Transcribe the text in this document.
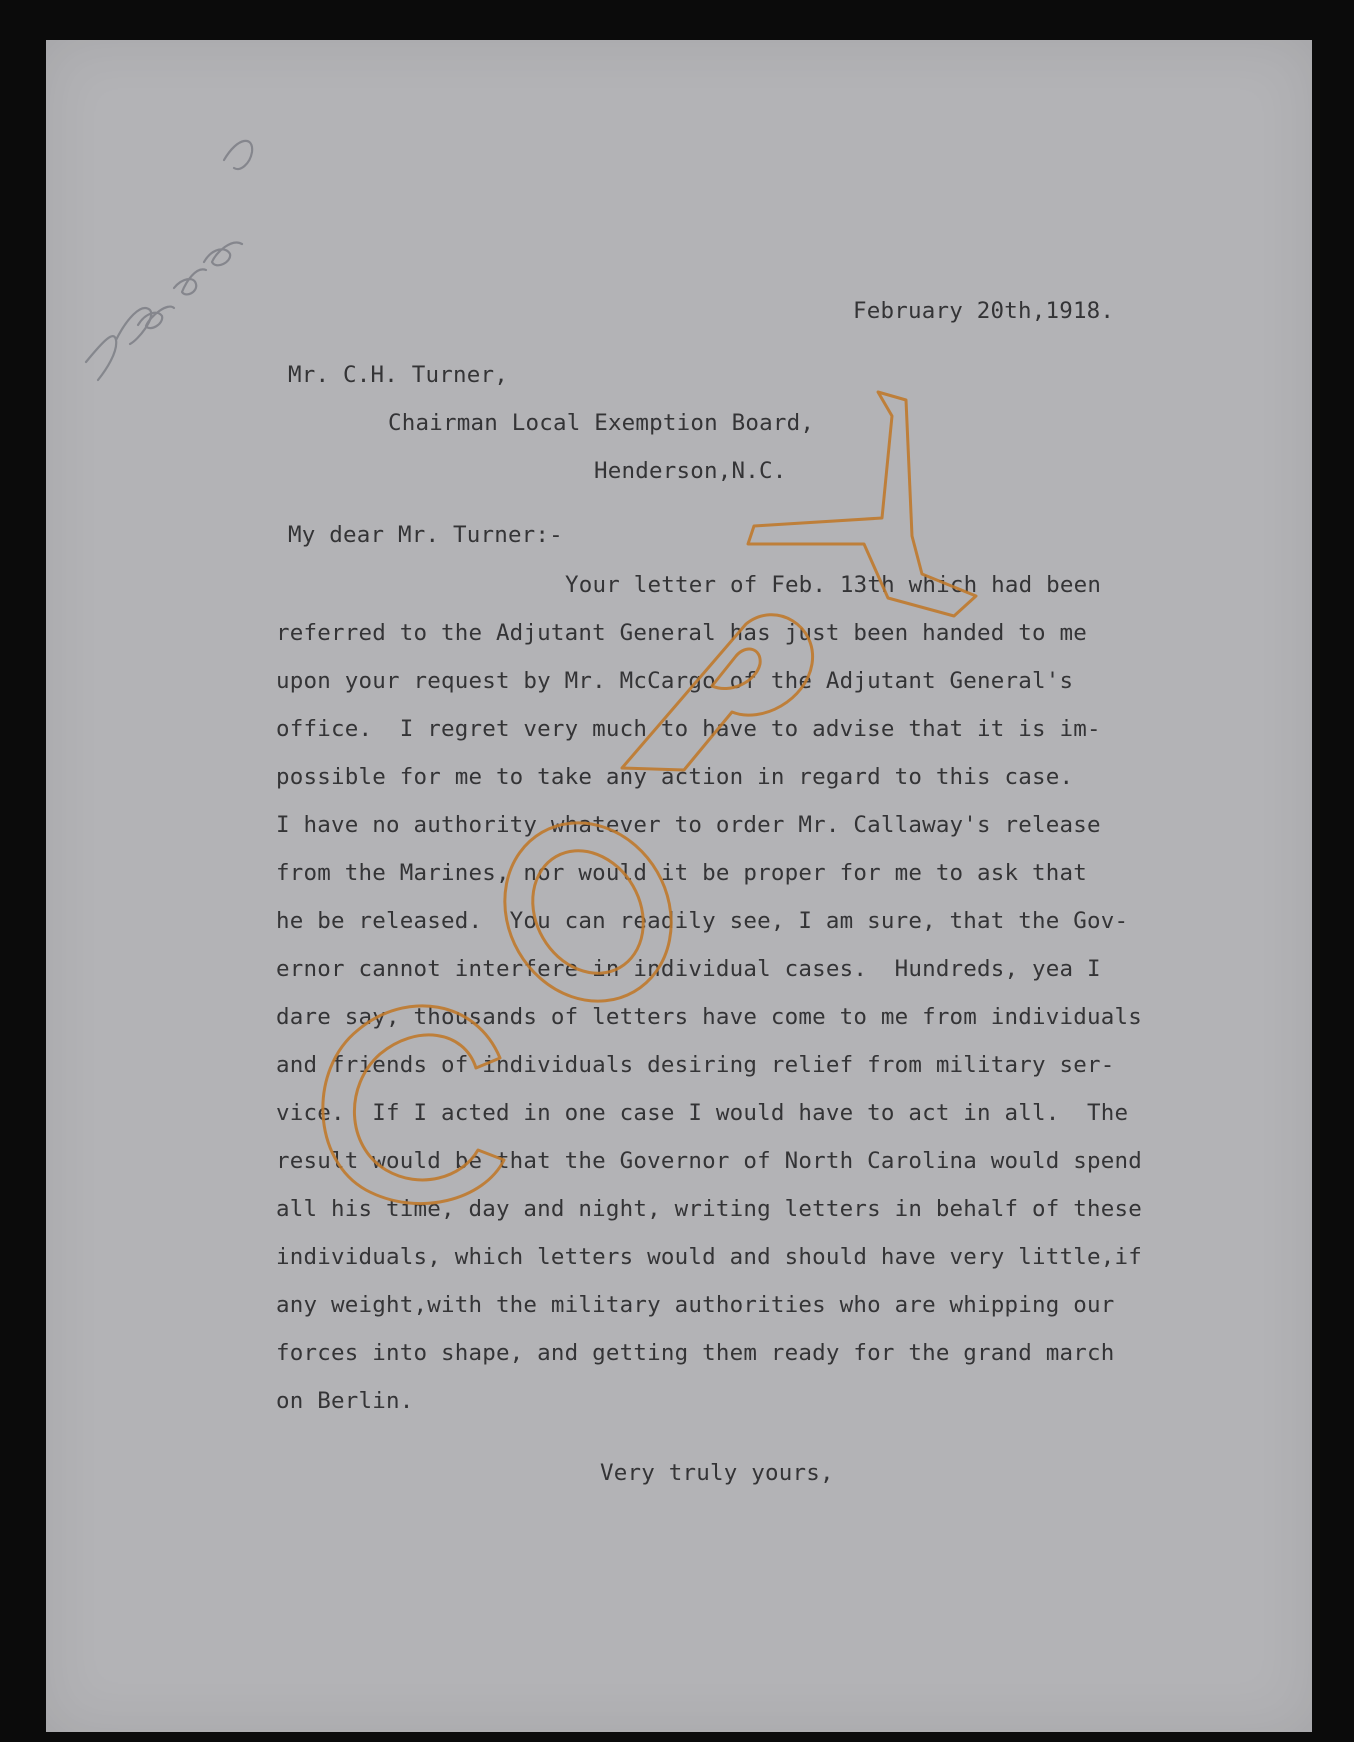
February 20th,1918.
Mr. C.H. Turner,
Chairman Local Exemption Board,
Henderson,N.C.
My dear Mr. Turner:-
Your letter of Feb. 13th which had been
referred to the Adjutant General has just been handed to me
upon your request by Mr. McCargo of the Adjutant General's
office.  I regret very much to have to advise that it is im-
possible for me to take any action in regard to this case.
I have no authority whatever to order Mr. Callaway's release
from the Marines, nor would it be proper for me to ask that
he be released.  You can readily see, I am sure, that the Gov-
ernor cannot interfere in individual cases.  Hundreds, yea I
dare say, thousands of letters have come to me from individuals
and friends of individuals desiring relief from military ser-
vice.  If I acted in one case I would have to act in all.  The
result would be that the Governor of North Carolina would spend
all his time, day and night, writing letters in behalf of these
individuals, which letters would and should have very little,if
any weight,with the military authorities who are whipping our
forces into shape, and getting them ready for the grand march
on Berlin.
Very truly yours,
